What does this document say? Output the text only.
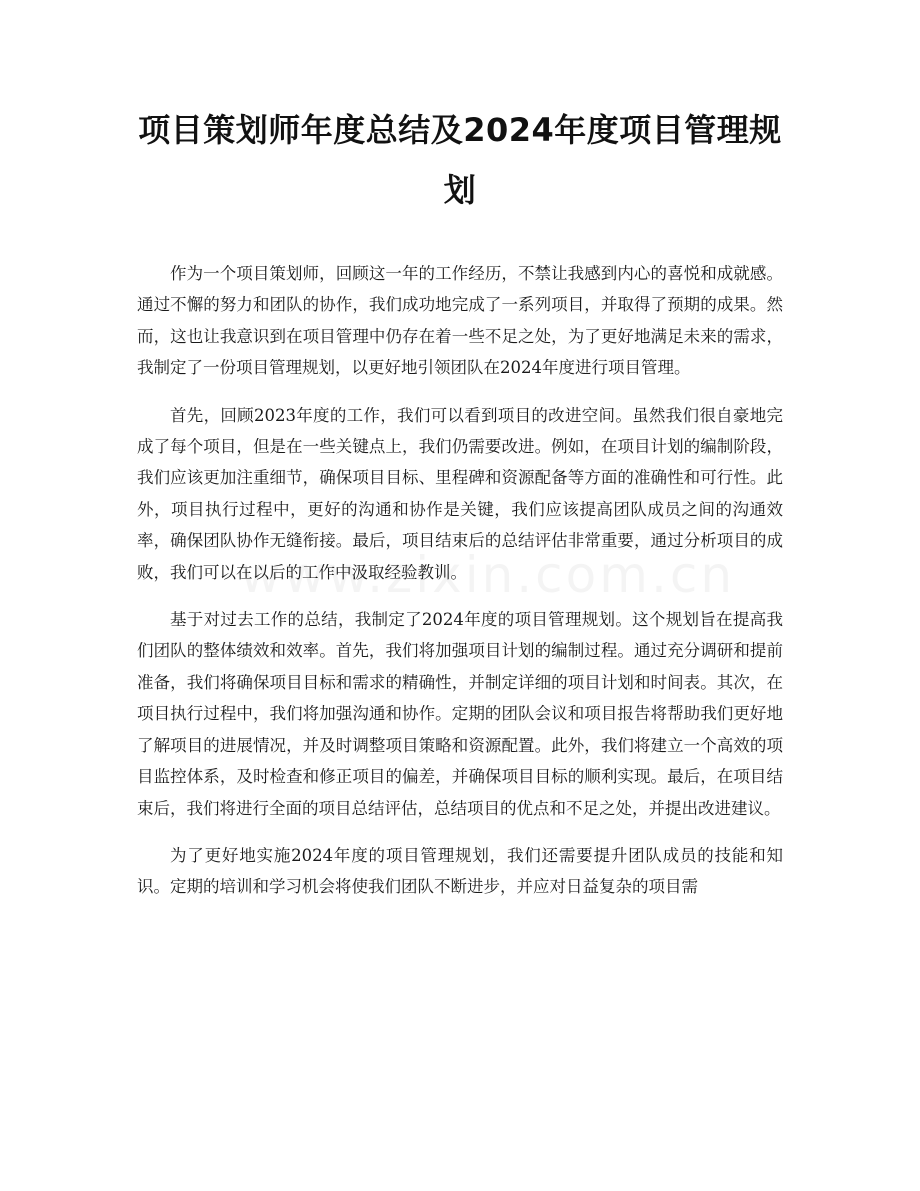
项目策划师年度总结及2024年度项目管理规划

作为一个项目策划师，回顾这一年的工作经历，不禁让我感到内心的喜悦和成就感。通过不懈的努力和团队的协作，我们成功地完成了一系列项目，并取得了预期的成果。然而，这也让我意识到在项目管理中仍存在着一些不足之处，为了更好地满足未来的需求，我制定了一份项目管理规划，以更好地引领团队在2024年度进行项目管理。

首先，回顾2023年度的工作，我们可以看到项目的改进空间。虽然我们很自豪地完成了每个项目，但是在一些关键点上，我们仍需要改进。例如，在项目计划的编制阶段，我们应该更加注重细节，确保项目目标、里程碑和资源配备等方面的准确性和可行性。此外，项目执行过程中，更好的沟通和协作是关键，我们应该提高团队成员之间的沟通效率，确保团队协作无缝衔接。最后，项目结束后的总结评估非常重要，通过分析项目的成败，我们可以在以后的工作中汲取经验教训。

基于对过去工作的总结，我制定了2024年度的项目管理规划。这个规划旨在提高我们团队的整体绩效和效率。首先，我们将加强项目计划的编制过程。通过充分调研和提前准备，我们将确保项目目标和需求的精确性，并制定详细的项目计划和时间表。其次，在项目执行过程中，我们将加强沟通和协作。定期的团队会议和项目报告将帮助我们更好地了解项目的进展情况，并及时调整项目策略和资源配置。此外，我们将建立一个高效的项目监控体系，及时检查和修正项目的偏差，并确保项目目标的顺利实现。最后，在项目结束后，我们将进行全面的项目总结评估，总结项目的优点和不足之处，并提出改进建议。

为了更好地实施2024年度的项目管理规划，我们还需要提升团队成员的技能和知识。定期的培训和学习机会将使我们团队不断进步，并应对日益复杂的项目需
